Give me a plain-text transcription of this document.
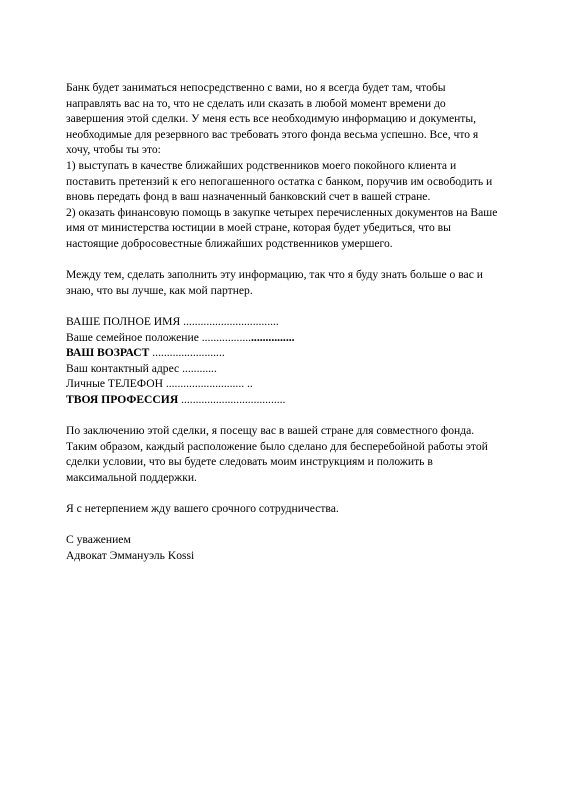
Банк будет заниматься непосредственно с вами, но я всегда будет там, чтобы

направлять вас на то, что не сделать или сказать в любой момент времени до

завершения этой сделки. У меня есть все необходимую информацию и документы,

необходимые для резервного вас требовать этого фонда весьма успешно. Все, что я

хочу, чтобы ты это:

1) выступать в качестве ближайших родственников моего покойного клиента и

поставить претензий к его непогашенного остатка с банком, поручив им освободить и

вновь передать фонд в ваш назначенный банковский счет в вашей стране.

2) оказать финансовую помощь в закупке четырех перечисленных документов на Ваше

имя от министерства юстиции в моей стране, которая будет убедиться, что вы

настоящие добросовестные ближайших родственников умершего.

Между тем, сделать заполнить эту информацию, так что я буду знать больше о вас и

знаю, что вы лучше, как мой партнер.

ВАШЕ ПОЛНОЕ ИМЯ .................................

Ваше семейное положение ................................

ВАШ ВОЗРАСТ .........................

Ваш контактный адрес ............

Личные ТЕЛЕФОН ........................... ..

ТВОЯ ПРОФЕССИЯ ....................................

По заключению этой сделки, я посещу вас в вашей стране для совместного фонда.

Таким образом, каждый расположение было сделано для бесперебойной работы этой

сделки условии, что вы будете следовать моим инструкциям и положить в

максимальной поддержки.

Я с нетерпением жду вашего срочного сотрудничества.

С уважением

Адвокат Эммануэль Kossi
